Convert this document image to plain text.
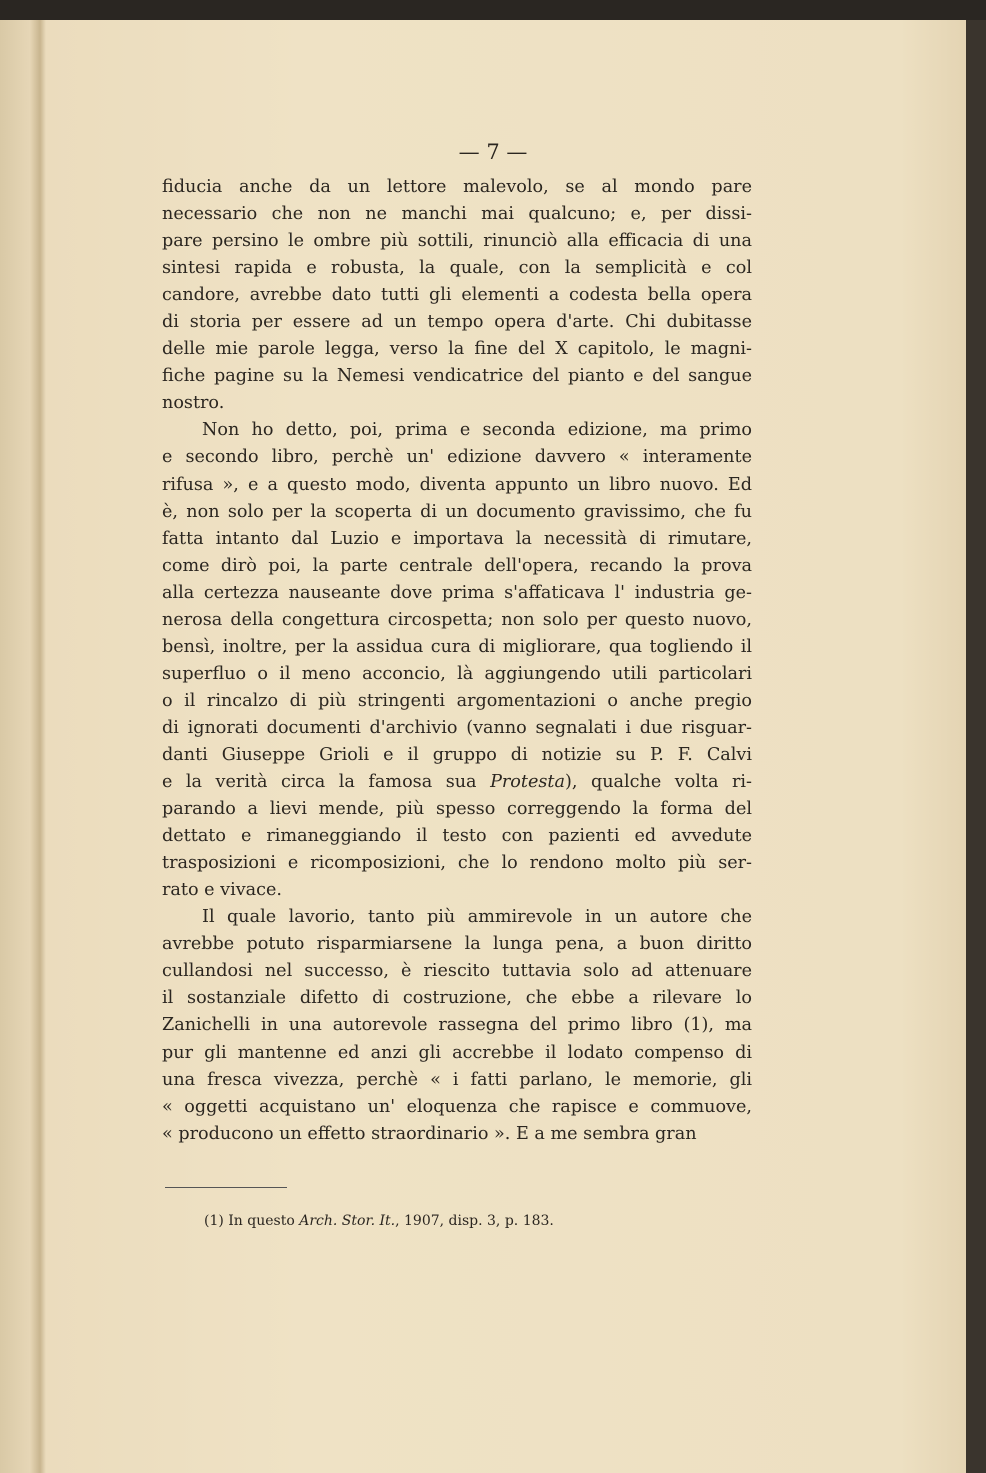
— 7 —
fiducia anche da un lettore malevolo, se al mondo pare
necessario che non ne manchi mai qualcuno; e, per dissi-
pare persino le ombre più sottili, rinunciò alla efficacia di una
sintesi rapida e robusta, la quale, con la semplicità e col
candore, avrebbe dato tutti gli elementi a codesta bella opera
di storia per essere ad un tempo opera d'arte. Chi dubitasse
delle mie parole legga, verso la fine del X capitolo, le magni-
fiche pagine su la Nemesi vendicatrice del pianto e del sangue
nostro.
Non ho detto, poi, prima e seconda edizione, ma primo
e secondo libro, perchè un' edizione davvero « interamente
rifusa », e a questo modo, diventa appunto un libro nuovo. Ed
è, non solo per la scoperta di un documento gravissimo, che fu
fatta intanto dal Luzio e importava la necessità di rimutare,
come dirò poi, la parte centrale dell'opera, recando la prova
alla certezza nauseante dove prima s'affaticava l' industria ge-
nerosa della congettura circospetta; non solo per questo nuovo,
bensì, inoltre, per la assidua cura di migliorare, qua togliendo il
superfluo o il meno acconcio, là aggiungendo utili particolari
o il rincalzo di più stringenti argomentazioni o anche pregio
di ignorati documenti d'archivio (vanno segnalati i due risguar-
danti Giuseppe Grioli e il gruppo di notizie su P. F. Calvi
e la verità circa la famosa sua Protesta), qualche volta ri-
parando a lievi mende, più spesso correggendo la forma del
dettato e rimaneggiando il testo con pazienti ed avvedute
trasposizioni e ricomposizioni, che lo rendono molto più ser-
rato e vivace.
Il quale lavorio, tanto più ammirevole in un autore che
avrebbe potuto risparmiarsene la lunga pena, a buon diritto
cullandosi nel successo, è riescito tuttavia solo ad attenuare
il sostanziale difetto di costruzione, che ebbe a rilevare lo
Zanichelli in una autorevole rassegna del primo libro (1), ma
pur gli mantenne ed anzi gli accrebbe il lodato compenso di
una fresca vivezza, perchè « i fatti parlano, le memorie, gli
« oggetti acquistano un' eloquenza che rapisce e commuove,
« producono un effetto straordinario ». E a me sembra gran
(1) In questo Arch. Stor. It., 1907, disp. 3, p. 183.
